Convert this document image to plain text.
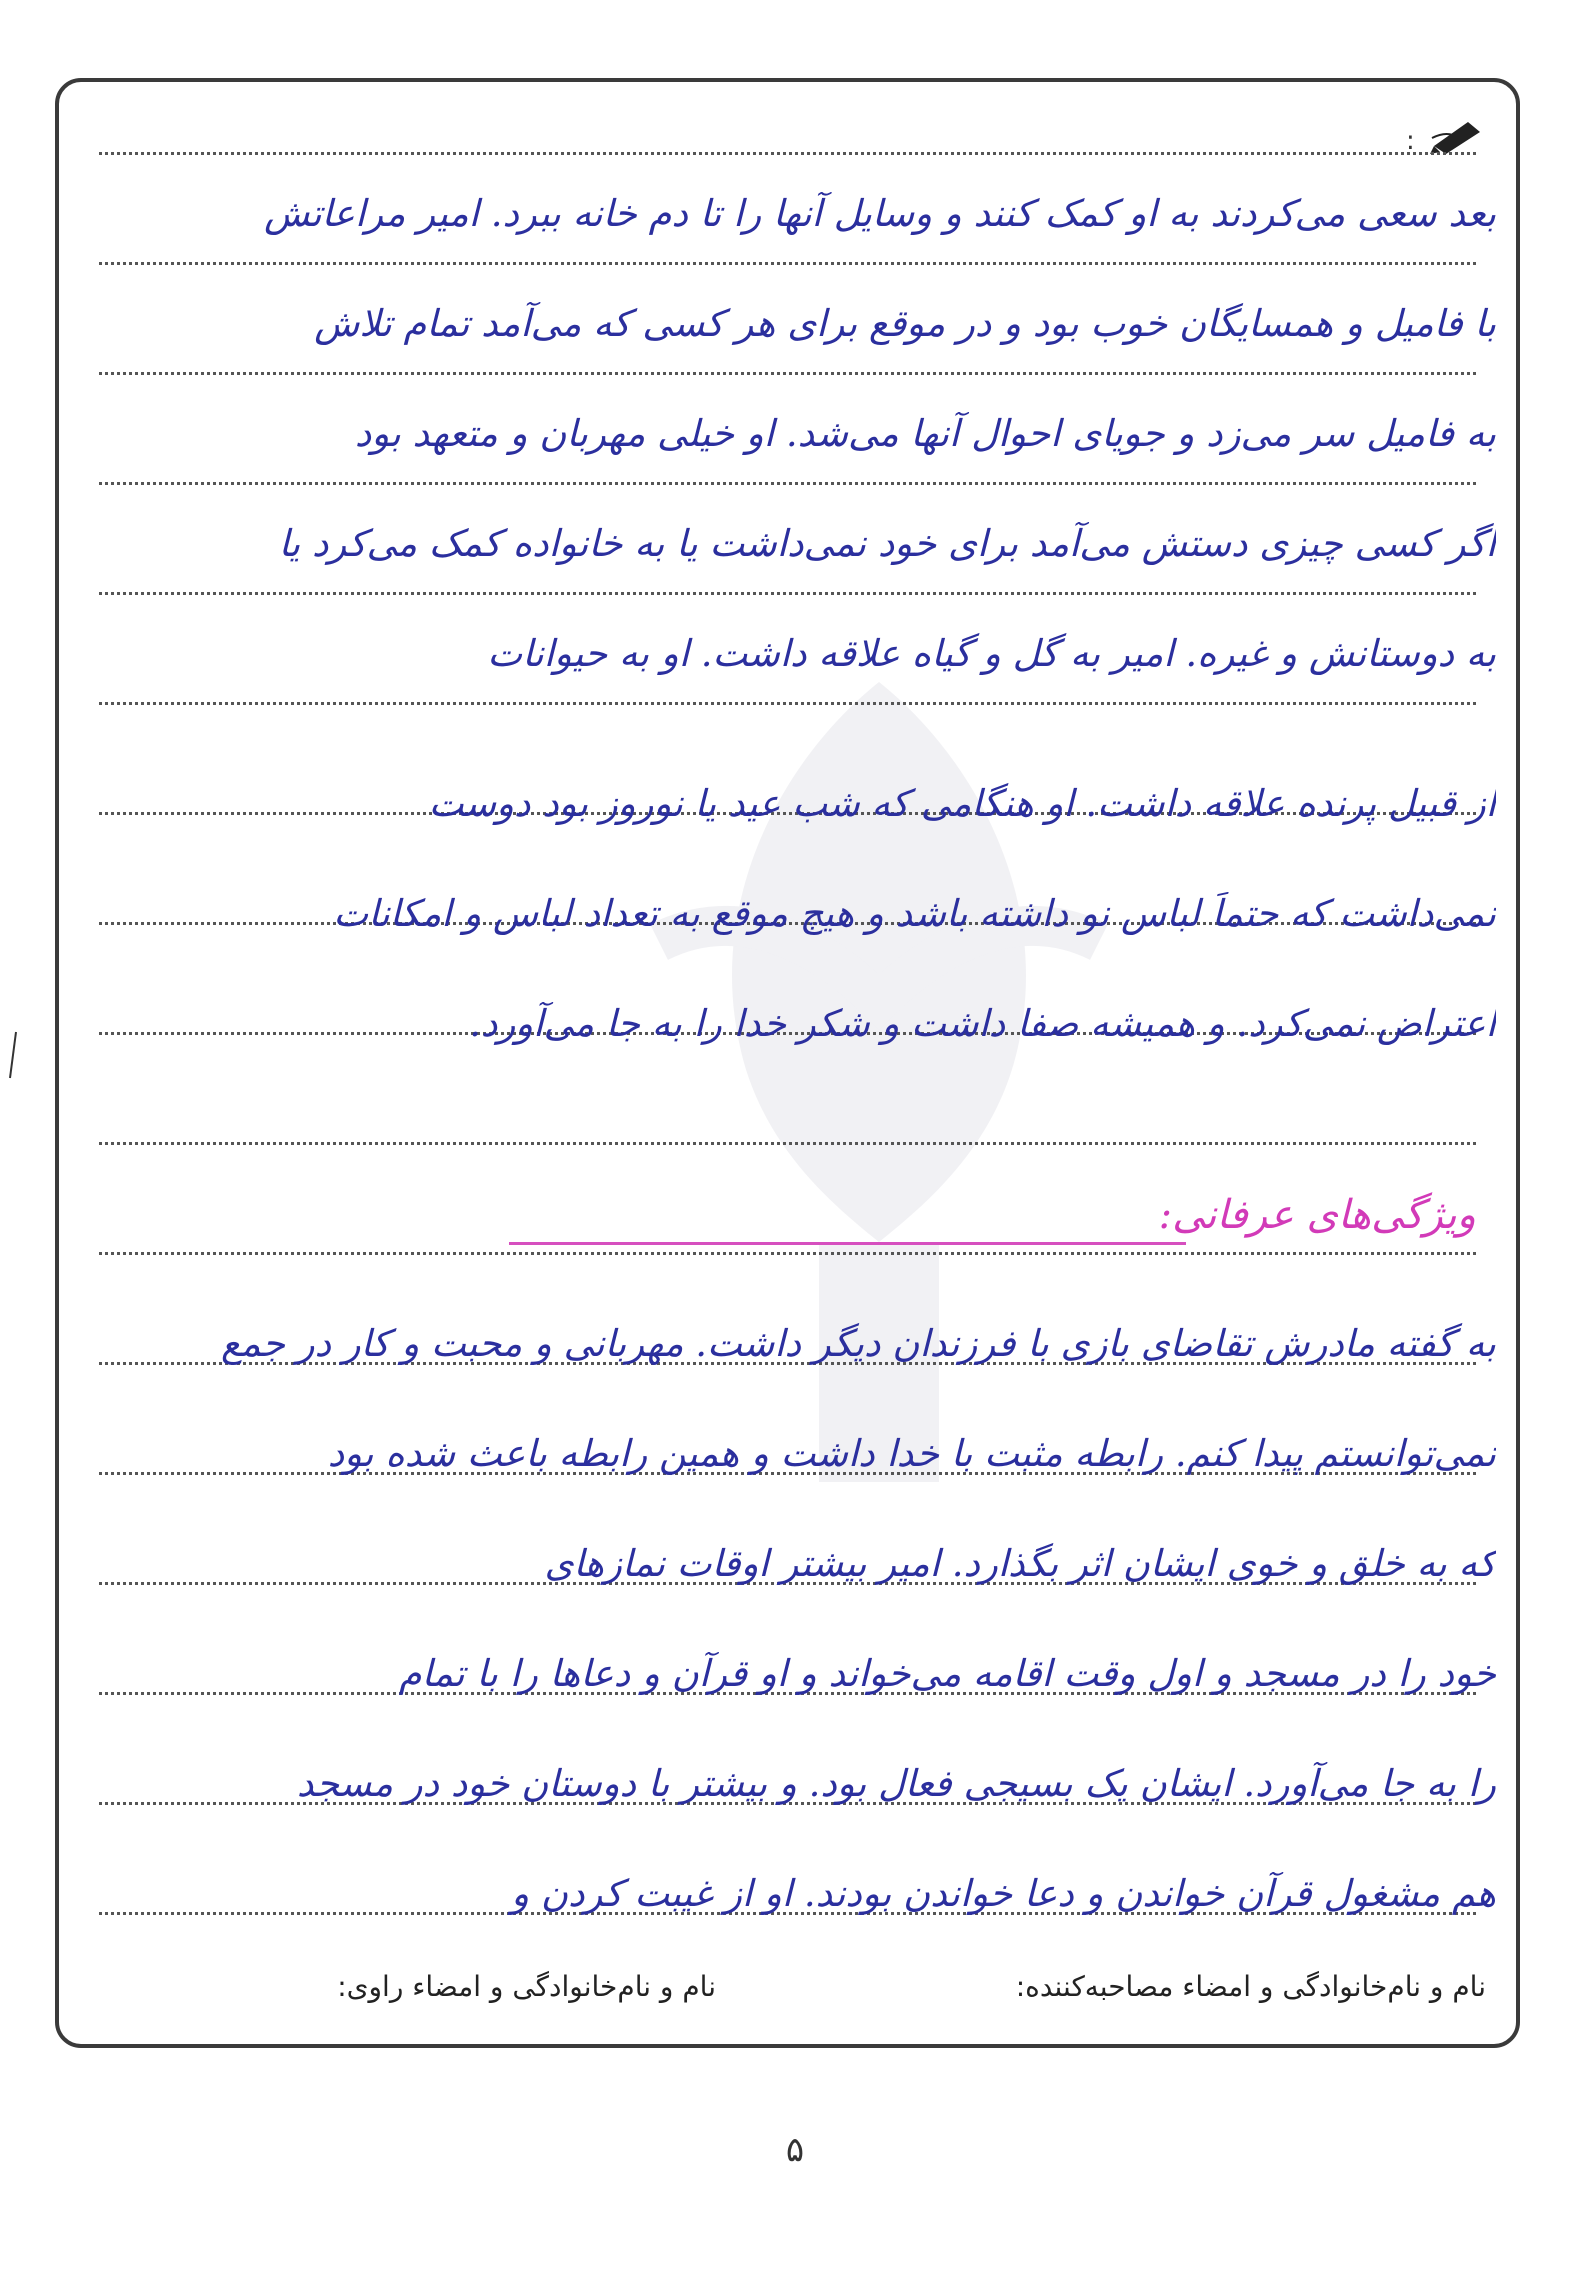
:
بعد سعی می‌کردند به او کمک کنند و وسایل آنها را تا دم خانه ببرد. امیر مراعاتش
با فامیل و همسایگان خوب بود و در موقع برای هر کسی که می‌آمد تمام تلاش
به فامیل سر می‌زد و جویای احوال آنها می‌شد. او خیلی مهربان و متعهد بود
اگر کسی چیزی دستش می‌آمد برای خود نمی‌داشت یا به خانواده کمک می‌کرد یا
به دوستانش و غیره. امیر به گل و گیاه علاقه داشت. او به حیوانات
از قبیل پرنده علاقه داشت. او هنگامی که شب عید یا نوروز بود دوست
نمی‌داشت که حتماً لباس نو داشته باشد و هیچ موقع به تعداد لباس و امکانات
اعتراض نمی‌کرد. و همیشه صفا داشت و شکر خدا را به جا می‌آورد.
ویژگی‌های عرفانی:
به گفته مادرش تقاضای بازی با فرزندان دیگر داشت. مهربانی و محبت و کار در جمع
نمی‌توانستم پیدا کنم. رابطه مثبت با خدا داشت و همین رابطه باعث شده بود
که به خلق و خوی ایشان اثر بگذارد. امیر بیشتر اوقات نمازهای
خود را در مسجد و اول وقت اقامه می‌خواند و او قرآن و دعاها را با تمام
را به جا می‌آورد. ایشان یک بسیجی فعال بود. و بیشتر با دوستان خود در مسجد
هم مشغول قرآن خواندن و دعا خواندن بودند. او از غیبت کردن و
نام و نام‌خانوادگی و امضاء مصاحبه‌کننده:
نام و نام‌خانوادگی و امضاء راوی:
۵
